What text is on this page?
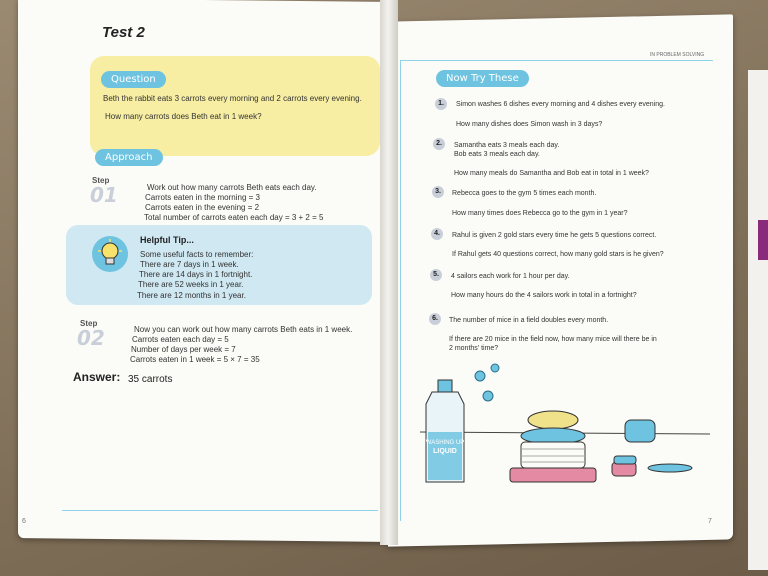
Test 2
Question
Beth the rabbit eats 3 carrots every morning and 2 carrots every evening.
How many carrots does Beth eat in 1 week?
Approach
Step
01	Work out how many carrots Beth eats each day.
Carrots eaten in the morning = 3
Carrots eaten in the evening = 2
Total number of carrots eaten each day = 3 + 2 = 5
Helpful Tip...
Some useful facts to remember:
There are 7 days in 1 week.
There are 14 days in 1 fortnight.
There are 52 weeks in 1 year.
There are 12 months in 1 year.
Step
02	Now you can work out how many carrots Beth eats in 1 week.
Carrots eaten each day = 5
Number of days per week = 7
Carrots eaten in 1 week = 5 × 7 = 35
Answer: 35 carrots
6
IN PROBLEM SOLVING
Now Try These
1.	Simon washes 6 dishes every morning and 4 dishes every evening.
How many dishes does Simon wash in 3 days?
2.	Samantha eats 3 meals each day.
Bob eats 3 meals each day.
How many meals do Samantha and Bob eat in total in 1 week?
3.	Rebecca goes to the gym 5 times each month.
How many times does Rebecca go to the gym in 1 year?
4.	Rahul is given 2 gold stars every time he gets 5 questions correct.
If Rahul gets 40 questions correct, how many gold stars is he given?
5.	4 sailors each work for 1 hour per day.
How many hours do the 4 sailors work in total in a fortnight?
6.	The number of mice in a field doubles every month.
If there are 20 mice in the field now, how many mice will there be in
2 months' time?
WASHING UP
LIQUID
7
